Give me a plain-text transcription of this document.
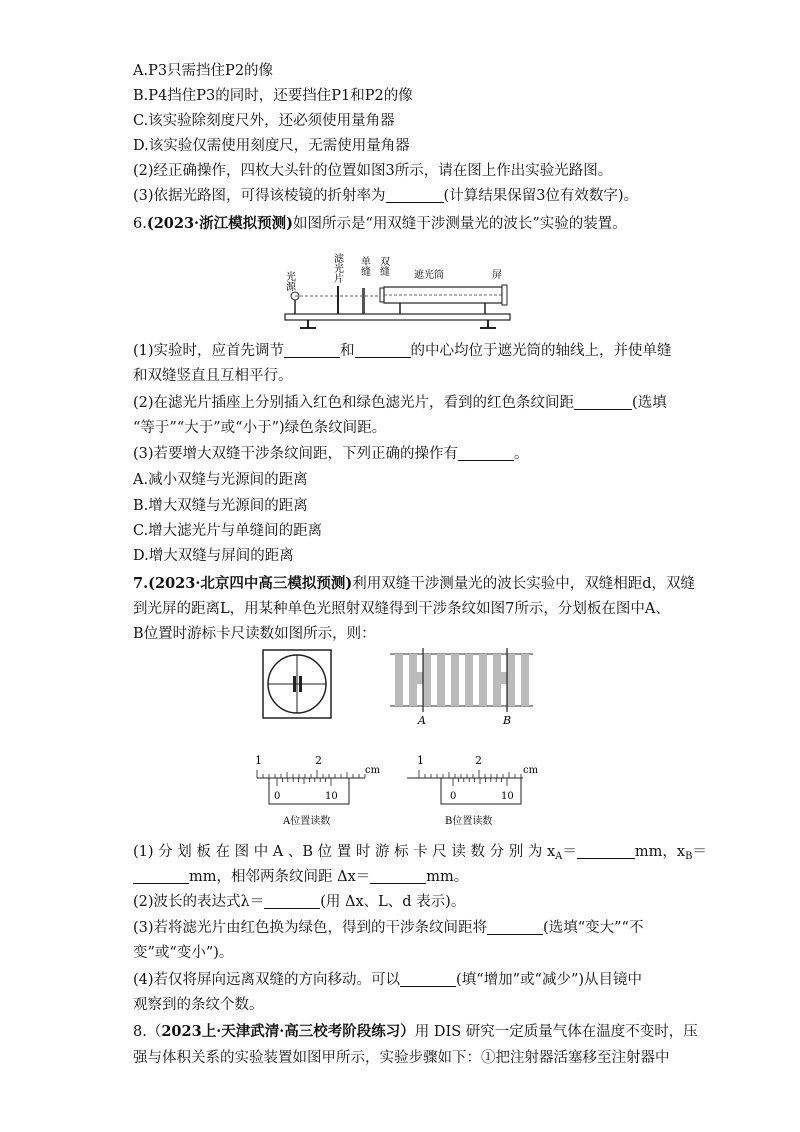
A.P3只需挡住P2的像
B.P4挡住P3的同时，还要挡住P1和P2的像
C.该实验除刻度尺外，还必须使用量角器
D.该实验仅需使用刻度尺，无需使用量角器
(2)经正确操作，四枚大头针的位置如图3所示，请在图上作出实验光路图。
(3)依据光路图，可得该棱镜的折射率为	(计算结果保留3位有效数字)。
6.(2023·浙江模拟预测)如图所示是“用双缝干涉测量光的波长”实验的装置。
光源	滤光片 单缝 双缝	遮光筒	屏
(1)实验时，应首先调节	和	的中心均位于遮光筒的轴线上，并使单缝
和双缝竖直且互相平行。
(2)在滤光片插座上分别插入红色和绿色滤光片，看到的红色条纹间距	(选填
“等于”“大于”或“小于”)绿色条纹间距。
(3)若要增大双缝干涉条纹间距，下列正确的操作有	。
A.减小双缝与光源间的距离
B.增大双缝与光源间的距离
C.增大滤光片与单缝间的距离
D.增大双缝与屏间的距离
7.(2023·北京四中高三模拟预测)利用双缝干涉测量光的波长实验中，双缝相距d，双缝
到光屏的距离L，用某种单色光照射双缝得到干涉条纹如图7所示，分划板在图中A、
B位置时游标卡尺读数如图所示，则：
A	B
1	2
cm
0	10
A位置读数
1	2
cm
0	10
B位置读数
(1) 分 划 板 在 图 中 A 、B 位 置 时 游 标 卡 尺 读 数 分 别 为 $x_A=$	mm，$x_B=$
mm，相邻两条纹间距 Δx＝	mm。
(2)波长的表达式λ＝	(用 Δx、L、d 表示)。
(3)若将滤光片由红色换为绿色，得到的干涉条纹间距将	(选填“变大”“不
变”或“变小”)。
(4)若仅将屏向远离双缝的方向移动。可以	(填“增加”或“减少”)从目镜中
观察到的条纹个数。
8.（2023上·天津武清·高三校考阶段练习）用 DIS 研究一定质量气体在温度不变时，压
强与体积关系的实验装置如图甲所示，实验步骤如下：①把注射器活塞移至注射器中
